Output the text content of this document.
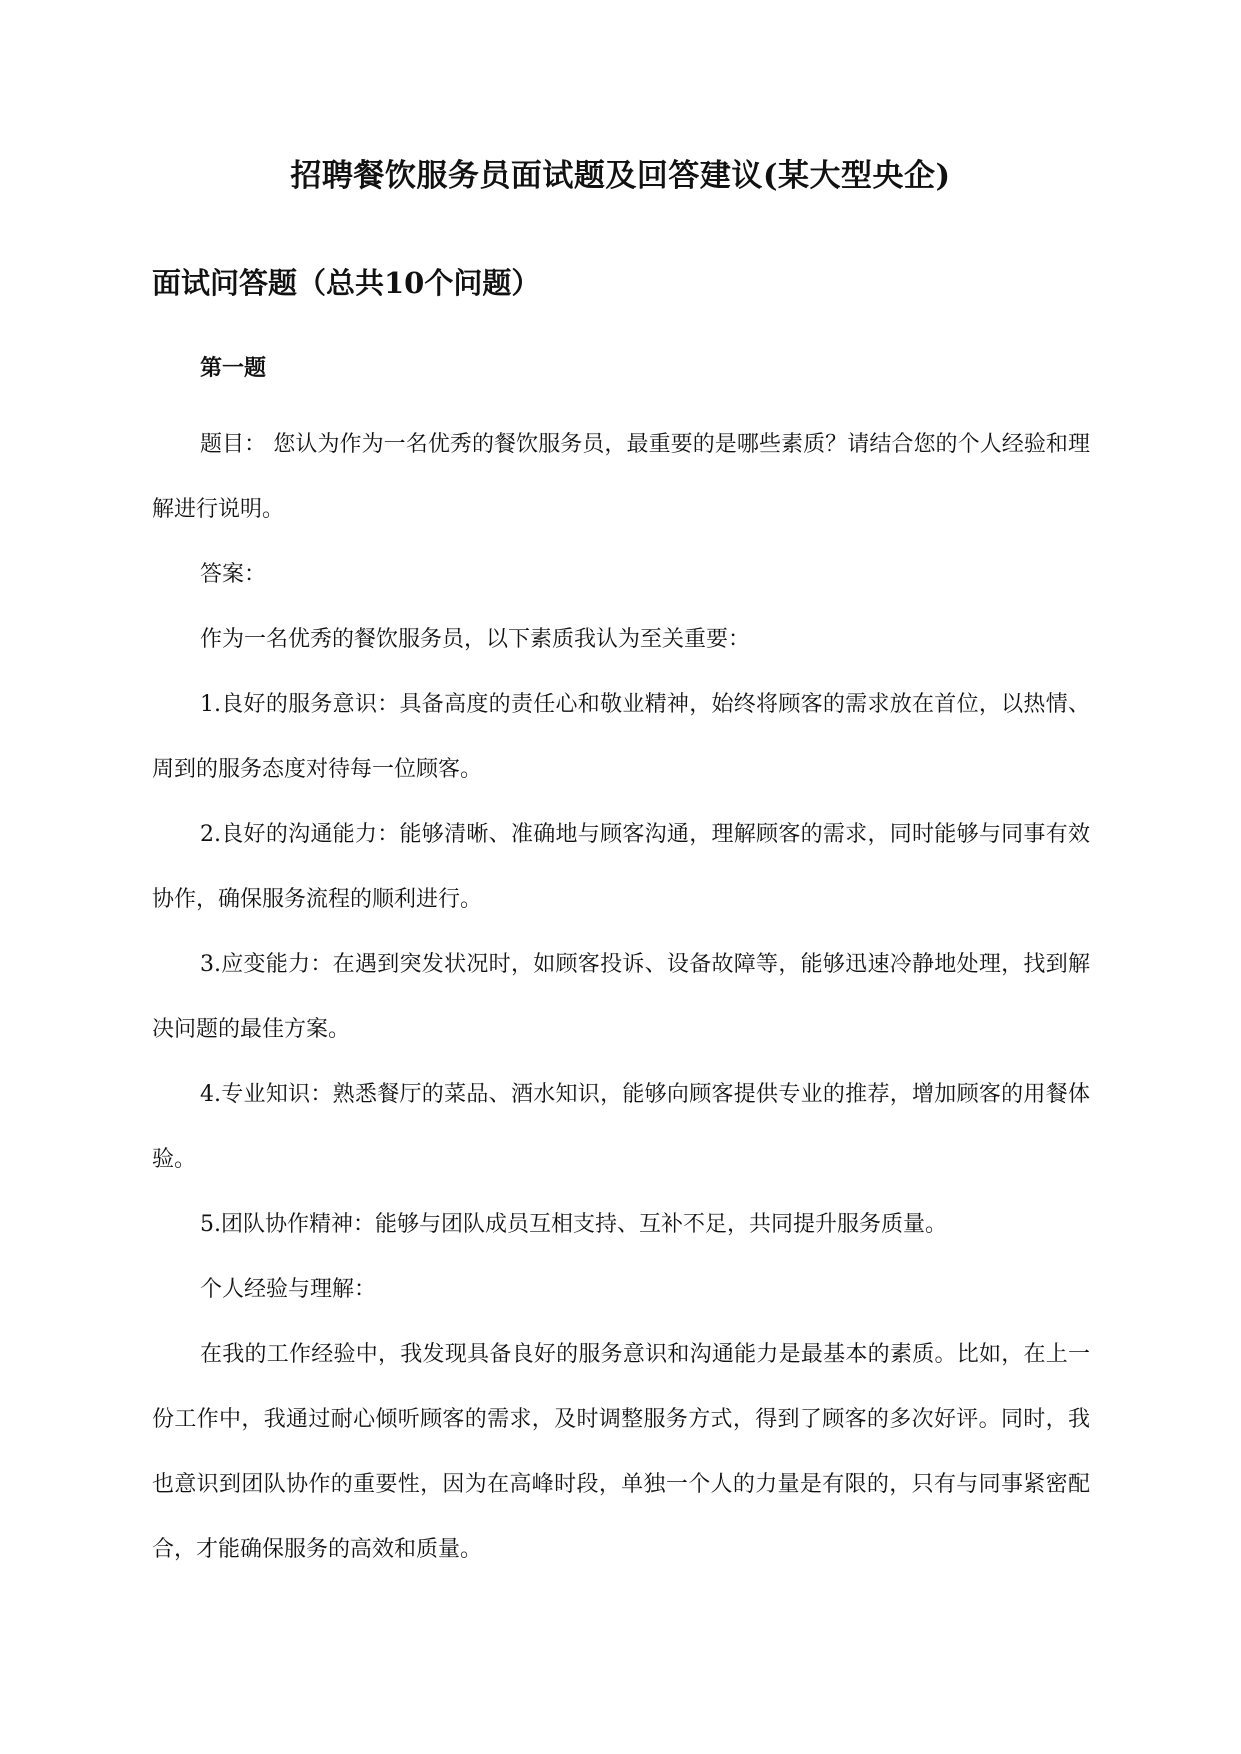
招聘餐饮服务员面试题及回答建议(某大型央企)
面试问答题（总共10个问题）
第一题

题目： 您认为作为一名优秀的餐饮服务员，最重要的是哪些素质？请结合您的个人经验和理解进行说明。

答案：

作为一名优秀的餐饮服务员，以下素质我认为至关重要：

1.良好的服务意识：具备高度的责任心和敬业精神，始终将顾客的需求放在首位，以热情、周到的服务态度对待每一位顾客。

2.良好的沟通能力：能够清晰、准确地与顾客沟通，理解顾客的需求，同时能够与同事有效协作，确保服务流程的顺利进行。

3.应变能力：在遇到突发状况时，如顾客投诉、设备故障等，能够迅速冷静地处理，找到解决问题的最佳方案。

4.专业知识：熟悉餐厅的菜品、酒水知识，能够向顾客提供专业的推荐，增加顾客的用餐体验。

5.团队协作精神：能够与团队成员互相支持、互补不足，共同提升服务质量。

个人经验与理解：

在我的工作经验中，我发现具备良好的服务意识和沟通能力是最基本的素质。比如，在上一份工作中，我通过耐心倾听顾客的需求，及时调整服务方式，得到了顾客的多次好评。同时，我也意识到团队协作的重要性，因为在高峰时段，单独一个人的力量是有限的，只有与同事紧密配合，才能确保服务的高效和质量。
